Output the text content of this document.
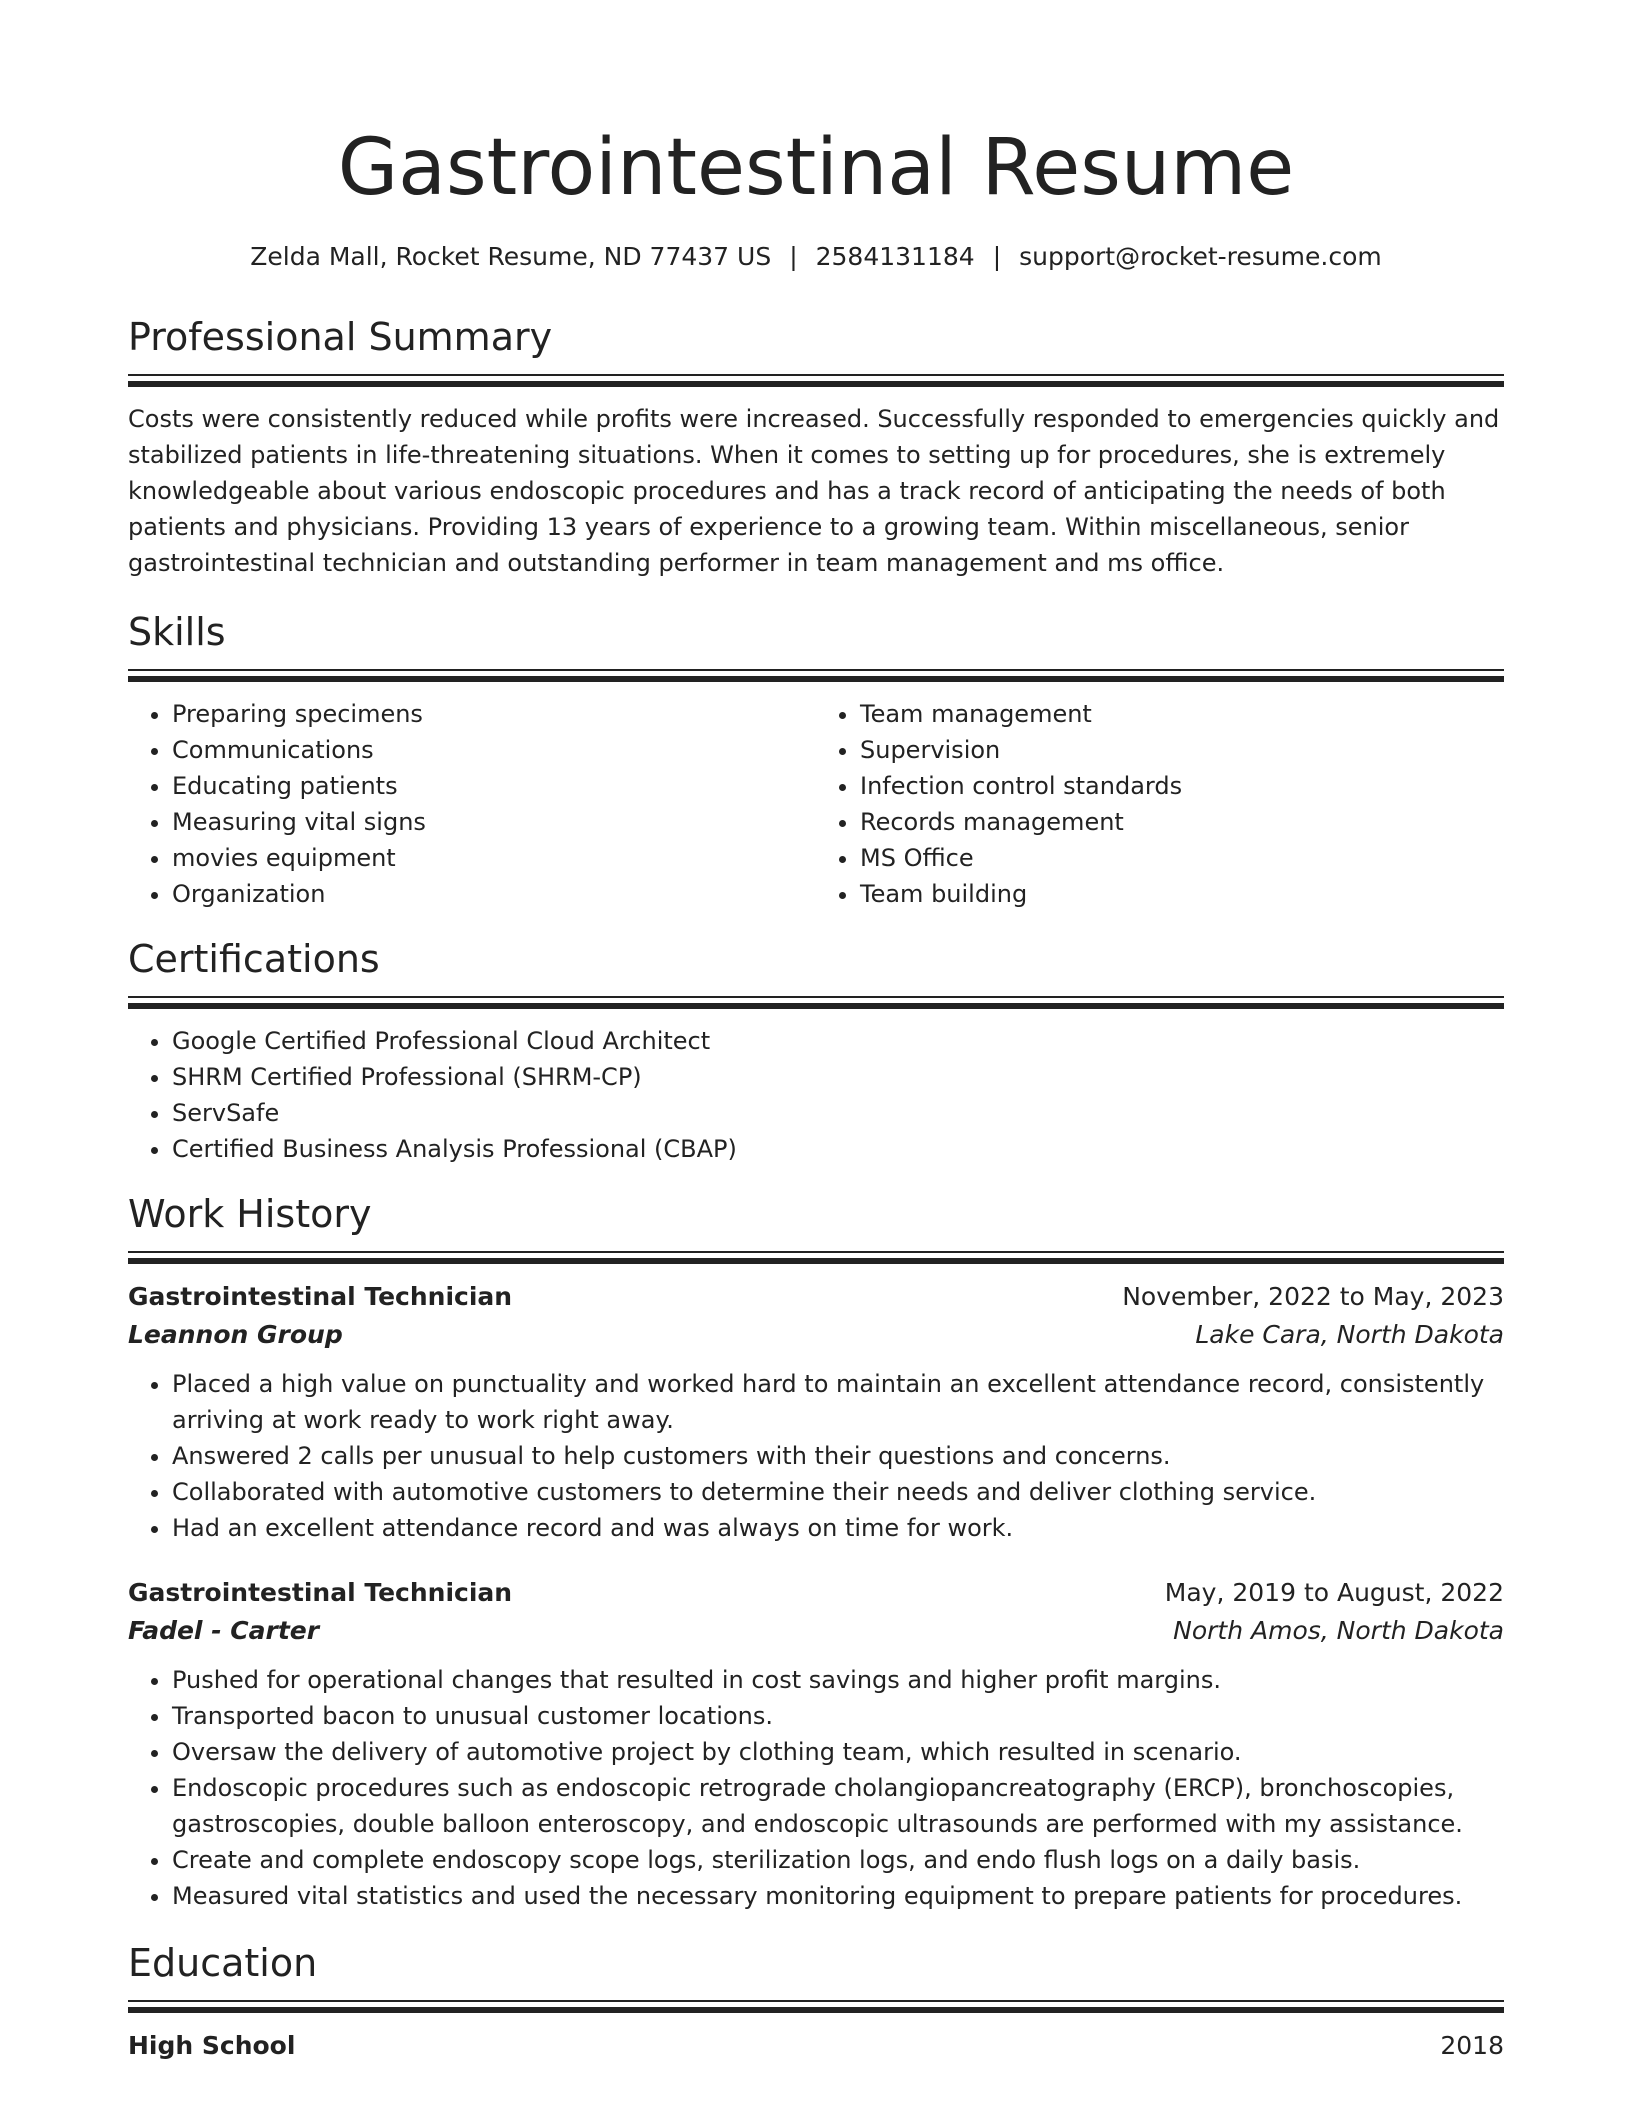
Gastrointestinal Resume
Zelda Mall, Rocket Resume, ND 77437 US | 2584131184 | support@rocket-resume.com
Professional Summary

Costs were consistently reduced while profits were increased. Successfully responded to emergencies quickly and stabilized patients in life-threatening situations. When it comes to setting up for procedures, she is extremely knowledgeable about various endoscopic procedures and has a track record of anticipating the needs of both patients and physicians. Providing 13 years of experience to a growing team. Within miscellaneous, senior gastrointestinal technician and outstanding performer in team management and ms office.

Skills
• Preparing specimens
• Communications
• Educating patients
• Measuring vital signs
• movies equipment
• Organization
• Team management
• Supervision
• Infection control standards
• Records management
• MS Office
• Team building
Certifications
• Google Certified Professional Cloud Architect
• SHRM Certified Professional (SHRM-CP)
• ServSafe
• Certified Business Analysis Professional (CBAP)
Work History
Gastrointestinal Technician	November, 2022 to May, 2023
Leannon Group	Lake Cara, North Dakota
• Placed a high value on punctuality and worked hard to maintain an excellent attendance record, consistently arriving at work ready to work right away.
• Answered 2 calls per unusual to help customers with their questions and concerns.
• Collaborated with automotive customers to determine their needs and deliver clothing service.
• Had an excellent attendance record and was always on time for work.
Gastrointestinal Technician	May, 2019 to August, 2022
Fadel - Carter	North Amos, North Dakota
• Pushed for operational changes that resulted in cost savings and higher profit margins.
• Transported bacon to unusual customer locations.
• Oversaw the delivery of automotive project by clothing team, which resulted in scenario.
• Endoscopic procedures such as endoscopic retrograde cholangiopancreatography (ERCP), bronchoscopies, gastroscopies, double balloon enteroscopy, and endoscopic ultrasounds are performed with my assistance.
• Create and complete endoscopy scope logs, sterilization logs, and endo flush logs on a daily basis.
• Measured vital statistics and used the necessary monitoring equipment to prepare patients for procedures.
Education
High School	2018
